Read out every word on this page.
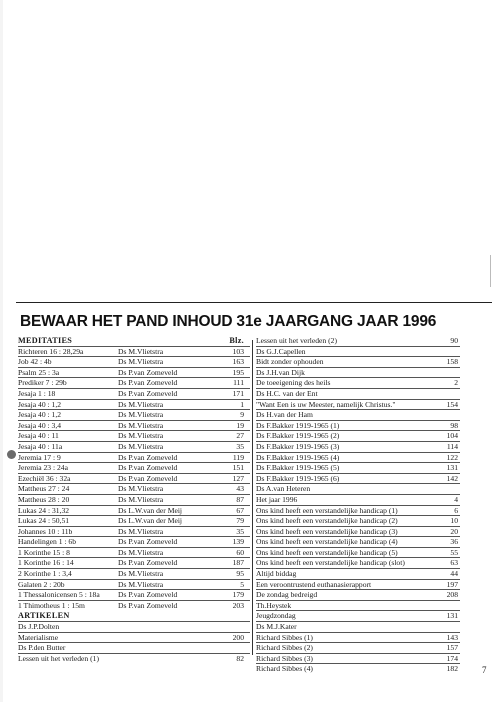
BEWAAR HET PAND INHOUD 31e JAARGANG JAAR 1996
MEDITATIES	Blz.
Richteren 16 : 28,29a	Ds M.Vlietstra	103
Job 42 : 4b	Ds M.Vlietstra	163
Psalm 25 : 3a	Ds P.van Zomeveld	195
Prediker 7 : 29b	Ds P.van Zomeveld	111
Jesaja 1 : 18	Ds P.van Zomeveld	171
Jesaja 40 : 1,2	Ds M.Vlietstra	1
Jesaja 40 : 1,2	Ds M.Vlietstra	9
Jesaja 40 : 3,4	Ds M.Vlietstra	19
Jesaja 40 : 11	Ds M.Vlietstra	27
Jesaja 40 : 11a	Ds M.Vlietstra	35
Jeremia 17 : 9	Ds P.van Zomeveld	119
Jeremia 23 : 24a	Ds P.van Zomeveld	151
Ezechiël 36 : 32a	Ds P.van Zomeveld	127
Mattheus 27 : 24	Ds M.Vlietstra	43
Mattheus 28 : 20	Ds M.Vlietstra	87
Lukas 24 : 31,32	Ds L.W.van der Meij	67
Lukas 24 : 50,51	Ds L.W.van der Meij	79
Johannes 10 : 11b	Ds M.Vlietstra	35
Handelingen 1 : 6b	Ds P.van Zomeveld	139
1 Korinthe 15 : 8	Ds M.Vlietstra	60
1 Korinthe 16 : 14	Ds P.van Zomeveld	187
2 Korinthe 1 : 3,4	Ds M.Vlietstra	95
Galaten 2 : 20b	Ds M.Vlietstra	5
1 Thessalonicensen 5 : 18a	Ds P.van Zomeveld	179
1 Thimotheus 1 : 15m	Ds P.van Zomeveld	203
ARTIKELEN
Ds J.P.Dolten
Materialisme	200
Ds P.den Butter
Lessen uit het verleden (1)	82
Lessen uit het verleden (2)	90
Ds G.J.Capellen
Bidt zonder ophouden	158
Ds J.H.van Dijk
De toeeigening des heils	2
Ds H.C. van der Ent
"Want Een is uw Meester, namelijk Christus."	154
Ds H.van der Ham
Ds F.Bakker 1919-1965 (1)	98
Ds F.Bakker 1919-1965 (2)	104
Ds F.Bakker 1919-1965 (3)	114
Ds F.Bakker 1919-1965 (4)	122
Ds F.Bakker 1919-1965 (5)	131
Ds F.Bakker 1919-1965 (6)	142
Ds A.van Heteren
Het jaar 1996	4
Ons kind heeft een verstandelijke handicap (1)	6
Ons kind heeft een verstandelijke handicap (2)	10
Ons kind heeft een verstandelijke handicap (3)	20
Ons kind heeft een verstandelijke handicap (4)	36
Ons kind heeft een verstandelijke handicap (5)	55
Ons kind heeft een verstandelijke handicap (slot)	63
Altijd biddag	44
Een veroontrustend euthanasierapport	197
De zondag bedreigd	208
Th.Heystek
Jeugdzondag	131
Ds M.J.Kater
Richard Sibbes (1)	143
Richard Sibbes (2)	157
Richard Sibbes (3)	174
Richard Sibbes (4)	182	7
